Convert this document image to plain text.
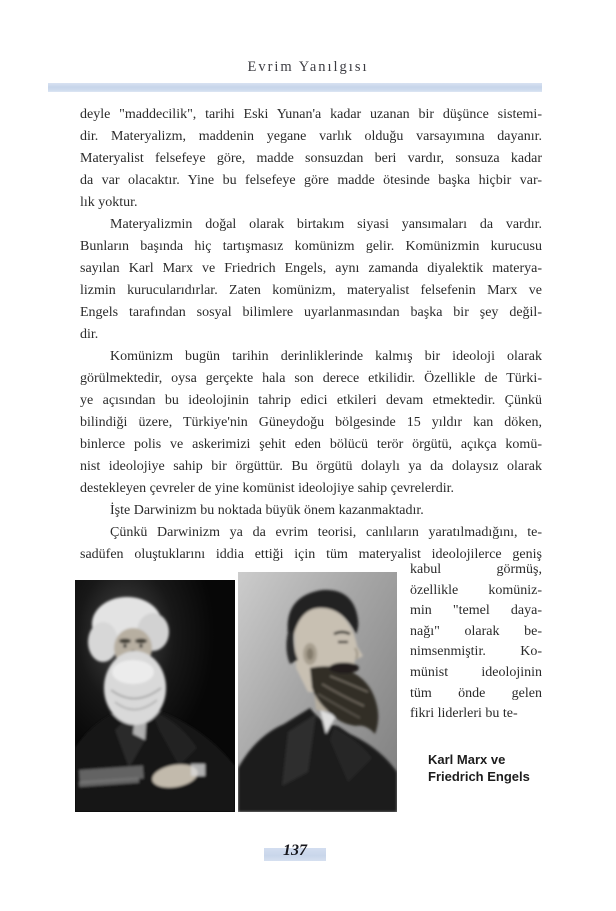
Evrim Yanılgısı
deyle "maddecilik", tarihi Eski Yunan'a kadar uzanan bir düşünce sistemi-
dir. Materyalizm, maddenin yegane varlık olduğu varsayımına dayanır.
Materyalist felsefeye göre, madde sonsuzdan beri vardır, sonsuza kadar
da var olacaktır. Yine bu felsefeye göre madde ötesinde başka hiçbir var-
lık yoktur.
Materyalizmin doğal olarak birtakım siyasi yansımaları da vardır.
Bunların başında hiç tartışmasız komünizm gelir. Komünizmin kurucusu
sayılan Karl Marx ve Friedrich Engels, aynı zamanda diyalektik materya-
lizmin kurucularıdırlar. Zaten komünizm, materyalist felsefenin Marx ve
Engels tarafından sosyal bilimlere uyarlanmasından başka bir şey değil-
dir.
Komünizm bugün tarihin derinliklerinde kalmış bir ideoloji olarak
görülmektedir, oysa gerçekte hala son derece etkilidir. Özellikle de Türki-
ye açısından bu ideolojinin tahrip edici etkileri devam etmektedir. Çünkü
bilindiği üzere, Türkiye'nin Güneydoğu bölgesinde 15 yıldır kan döken,
binlerce polis ve askerimizi şehit eden bölücü terör örgütü, açıkça komü-
nist ideolojiye sahip bir örgüttür. Bu örgütü dolaylı ya da dolaysız olarak
destekleyen çevreler de yine komünist ideolojiye sahip çevrelerdir.
İşte Darwinizm bu noktada büyük önem kazanmaktadır.
Çünkü Darwinizm ya da evrim teorisi, canlıların yaratılmadığını, te-
sadüfen oluştuklarını iddia ettiği için tüm materyalist ideolojilerce geniş
kabul görmüş,
özellikle komüniz-
min "temel daya-
nağı" olarak be-
nimsenmiştir. Ko-
münist ideolojinin
tüm önde gelen
fikri liderleri bu te-
Karl Marx ve
Friedrich Engels
137
